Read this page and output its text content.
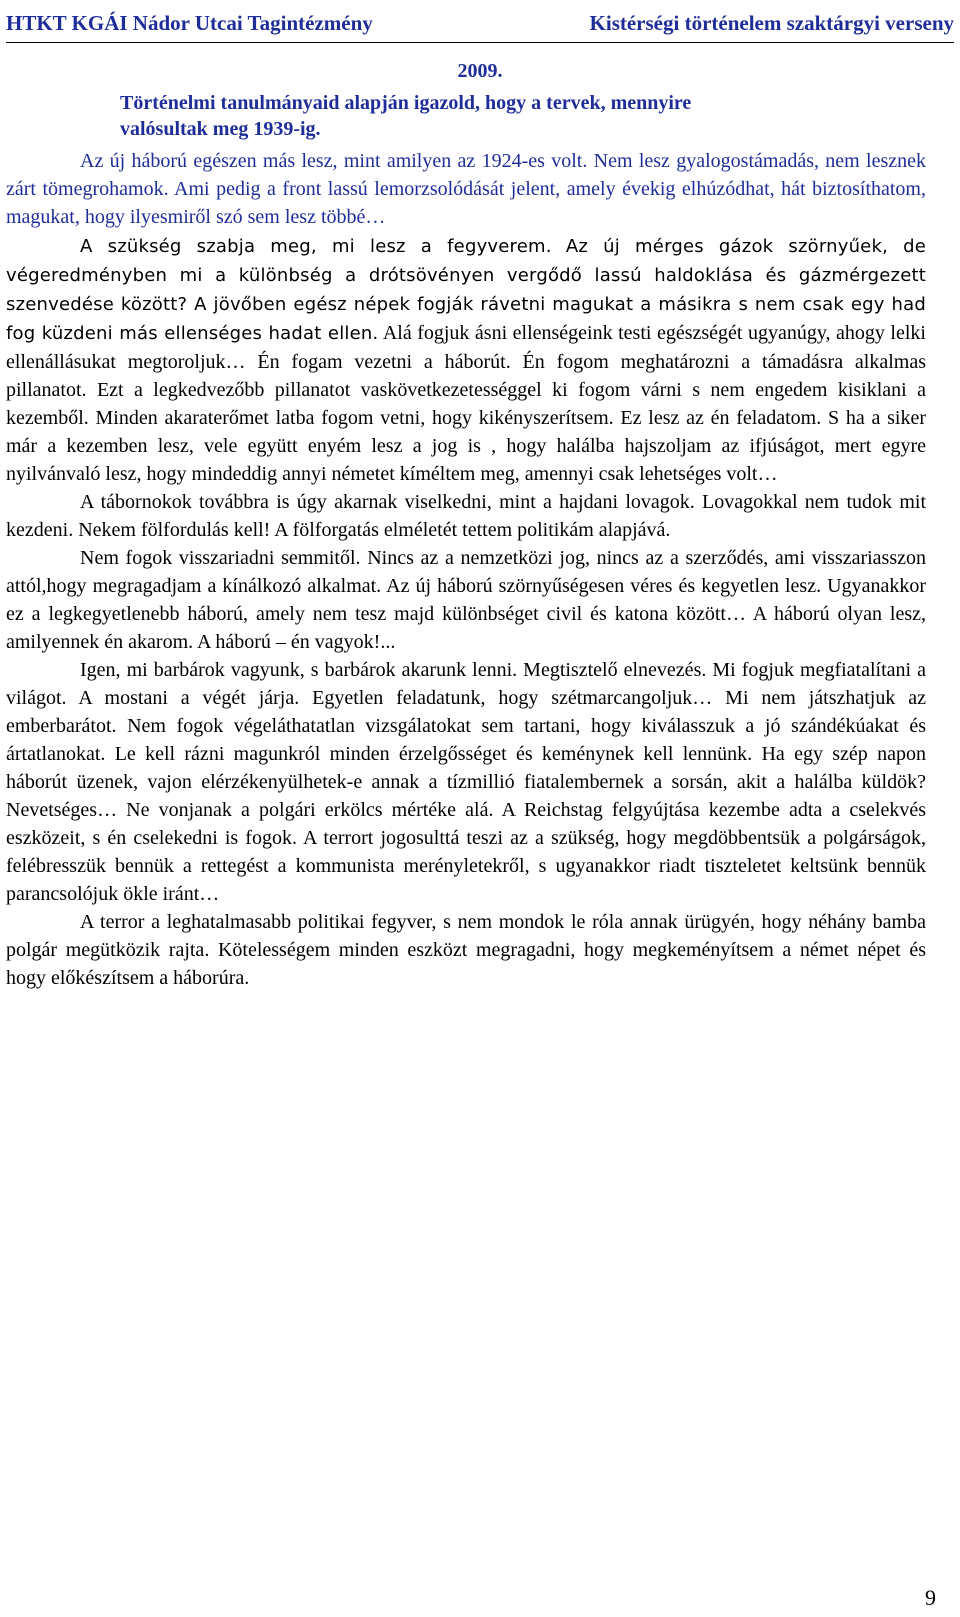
HTKT KGÁI Nádor Utcai Tagintézmény	Kistérségi történelem szaktárgyi verseny
2009.
Történelmi tanulmányaid alapján igazold, hogy a tervek, mennyire
valósultak meg 1939-ig.
Az új háború egészen más lesz, mint amilyen az 1924-es volt. Nem lesz gyalogostámadás, nem lesznek zárt tömegrohamok. Ami pedig a front lassú lemorzsolódását jelent, amely évekig elhúzódhat, hát biztosíthatom, magukat, hogy ilyesmiről szó sem lesz többé…

A szükség szabja meg, mi lesz a fegyverem. Az új mérges gázok szörnyűek, de végeredményben mi a különbség a drótsövényen vergődő lassú haldoklása és gázmérgezett szenvedése között? A jövőben egész népek fogják rávetni magukat a másikra s nem csak egy had fog küzdeni más ellenséges hadat ellen. Alá fogjuk ásni ellenségeink testi egészségét ugyanúgy, ahogy lelki ellenállásukat megtoroljuk… Én fogam vezetni a háborút. Én fogom meghatározni a támadásra alkalmas pillanatot. Ezt a legkedvezőbb pillanatot vaskövetkezetességgel ki fogom várni s nem engedem kisiklani a kezemből. Minden akaraterőmet latba fogom vetni, hogy kikényszerítsem. Ez lesz az én feladatom. S ha a siker már a kezemben lesz, vele együtt enyém lesz a jog is , hogy halálba hajszoljam az ifjúságot, mert egyre nyilvánvaló lesz, hogy mindeddig annyi németet kíméltem meg, amennyi csak lehetséges volt…

A tábornokok továbbra is úgy akarnak viselkedni, mint a hajdani lovagok. Lovagokkal nem tudok mit kezdeni. Nekem fölfordulás kell! A fölforgatás elméletét tettem politikám alapjává.

Nem fogok visszariadni semmitől. Nincs az a nemzetközi jog, nincs az a szerződés, ami visszariasszon attól,hogy megragadjam a kínálkozó alkalmat. Az új háború szörnyűségesen véres és kegyetlen lesz. Ugyanakkor ez a legkegyetlenebb háború, amely nem tesz majd különbséget civil és katona között… A háború olyan lesz, amilyennek én akarom. A háború – én vagyok!...

Igen, mi barbárok vagyunk, s barbárok akarunk lenni. Megtisztelő elnevezés. Mi fogjuk megfiatalítani a világot. A mostani a végét járja. Egyetlen feladatunk, hogy szétmarcangoljuk… Mi nem játszhatjuk az emberbarátot. Nem fogok végeláthatatlan vizsgálatokat sem tartani, hogy kiválasszuk a jó szándékúakat és ártatlanokat. Le kell rázni magunkról minden érzelgősséget és keménynek kell lennünk. Ha egy szép napon háborút üzenek, vajon elérzékenyülhetek-e annak a tízmillió fiatalembernek a sorsán, akit a halálba küldök? Nevetséges… Ne vonjanak a polgári erkölcs mértéke alá. A Reichstag felgyújtása kezembe adta a cselekvés eszközeit, s én cselekedni is fogok. A terrort jogosulttá teszi az a szükség, hogy megdöbbentsük a polgárságok, felébresszük bennük a rettegést a kommunista merényletekről, s ugyanakkor riadt tiszteletet keltsünk bennük parancsolójuk ökle iránt…

A terror a leghatalmasabb politikai fegyver, s nem mondok le róla annak ürügyén, hogy néhány bamba polgár megütközik rajta. Kötelességem minden eszközt megragadni, hogy megkeményítsem a német népet és hogy előkészítsem a háborúra.

9
